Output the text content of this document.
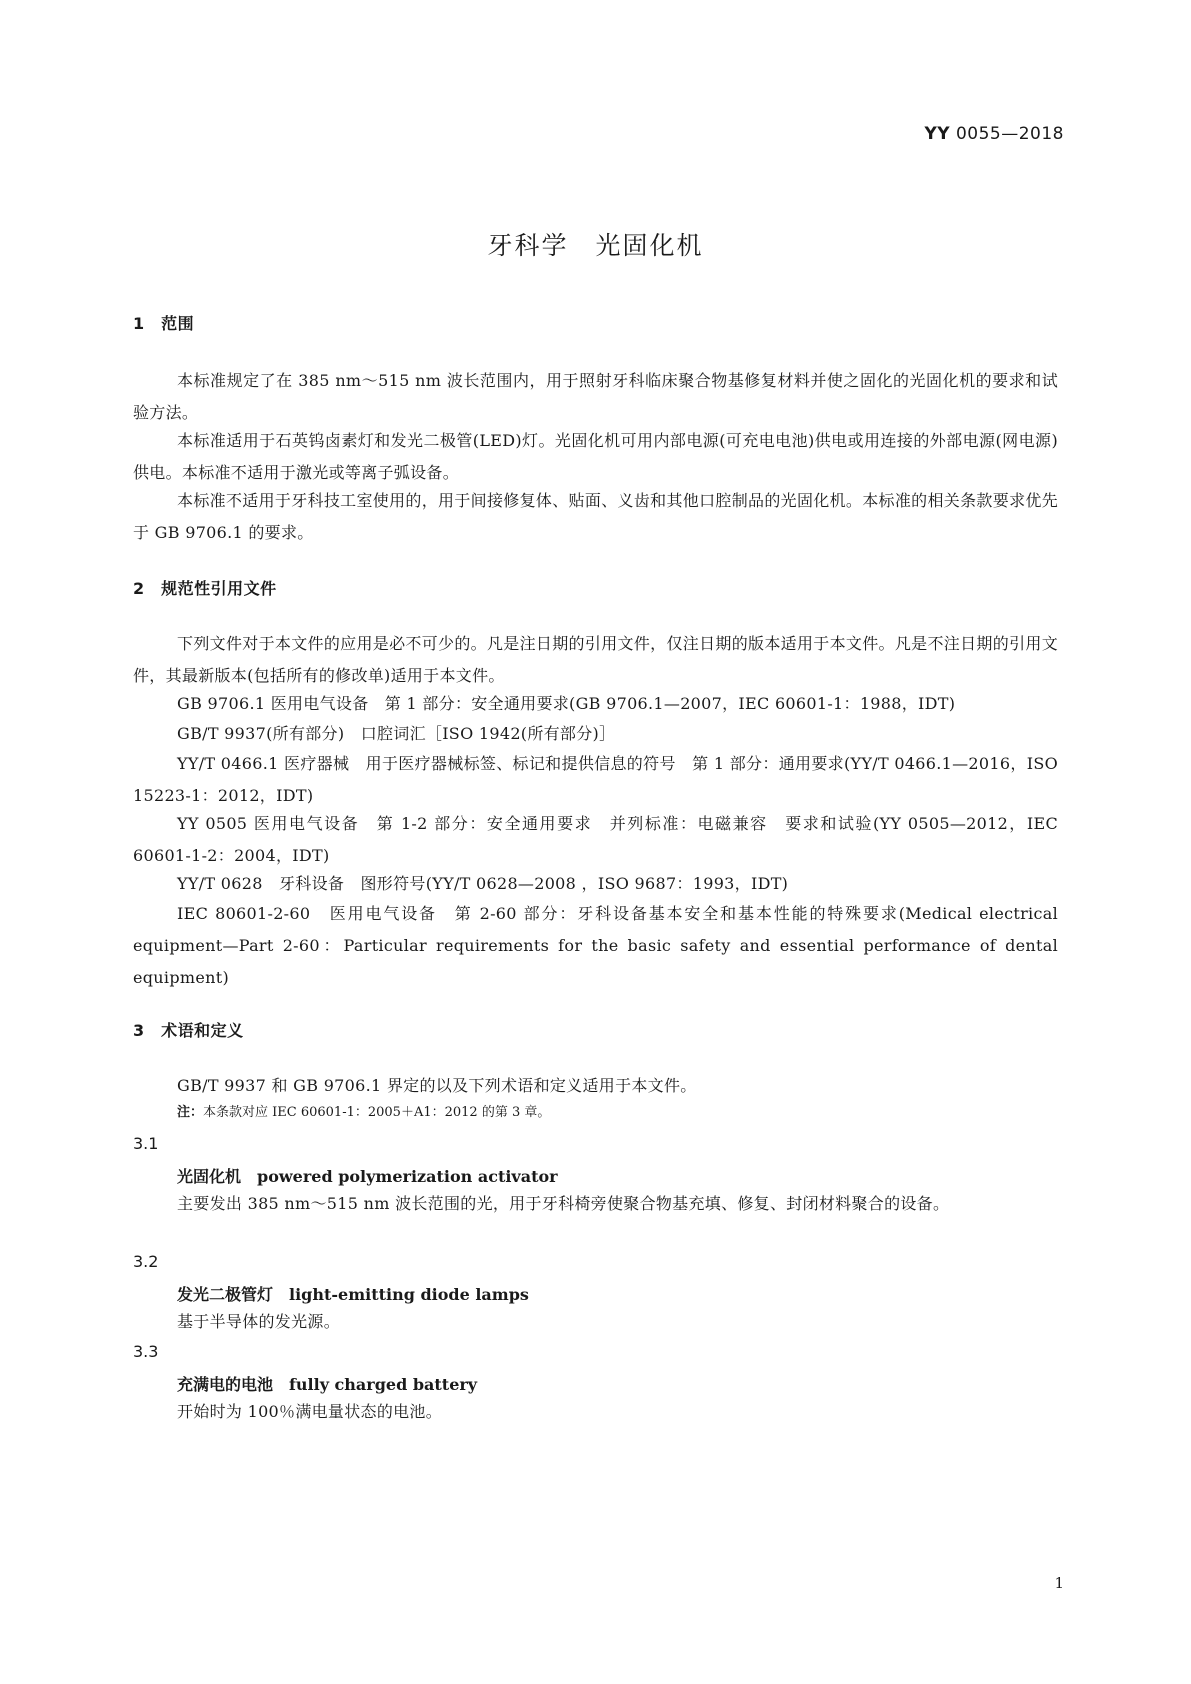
YY 0055—2018
牙科学　光固化机
1　范围
本标准规定了在 385 nm～515 nm 波长范围内，用于照射牙科临床聚合物基修复材料并使之固化的光固化机的要求和试验方法。
本标准适用于石英钨卤素灯和发光二极管(LED)灯。光固化机可用内部电源(可充电电池)供电或用连接的外部电源(网电源)供电。本标准不适用于激光或等离子弧设备。
本标准不适用于牙科技工室使用的，用于间接修复体、贴面、义齿和其他口腔制品的光固化机。本标准的相关条款要求优先于 GB 9706.1 的要求。
2　规范性引用文件
下列文件对于本文件的应用是必不可少的。凡是注日期的引用文件，仅注日期的版本适用于本文件。凡是不注日期的引用文件，其最新版本(包括所有的修改单)适用于本文件。
GB 9706.1 医用电气设备　第 1 部分：安全通用要求(GB 9706.1—2007，IEC 60601-1：1988，IDT)
GB/T 9937(所有部分)　口腔词汇［ISO 1942(所有部分)］
YY/T 0466.1 医疗器械　用于医疗器械标签、标记和提供信息的符号　第 1 部分：通用要求(YY/T 0466.1—2016，ISO 15223-1：2012，IDT)
YY 0505 医用电气设备　第 1-2 部分：安全通用要求　并列标准：电磁兼容　要求和试验(YY 0505—2012，IEC 60601-1-2：2004，IDT)
YY/T 0628　牙科设备　图形符号(YY/T 0628—2008 ，ISO 9687：1993，IDT)
IEC 80601-2-60　医用电气设备　第 2-60 部分：牙科设备基本安全和基本性能的特殊要求(Medical electrical equipment—Part 2-60：Particular requirements for the basic safety and essential performance of dental equipment)
3　术语和定义
GB/T 9937 和 GB 9706.1 界定的以及下列术语和定义适用于本文件。
注：本条款对应 IEC 60601-1：2005＋A1：2012 的第 3 章。
3.1
光固化机　powered polymerization activator
主要发出 385 nm～515 nm 波长范围的光，用于牙科椅旁使聚合物基充填、修复、封闭材料聚合的设备。
3.2
发光二极管灯　light-emitting diode lamps
基于半导体的发光源。
3.3
充满电的电池　fully charged battery
开始时为 100％满电量状态的电池。
1
